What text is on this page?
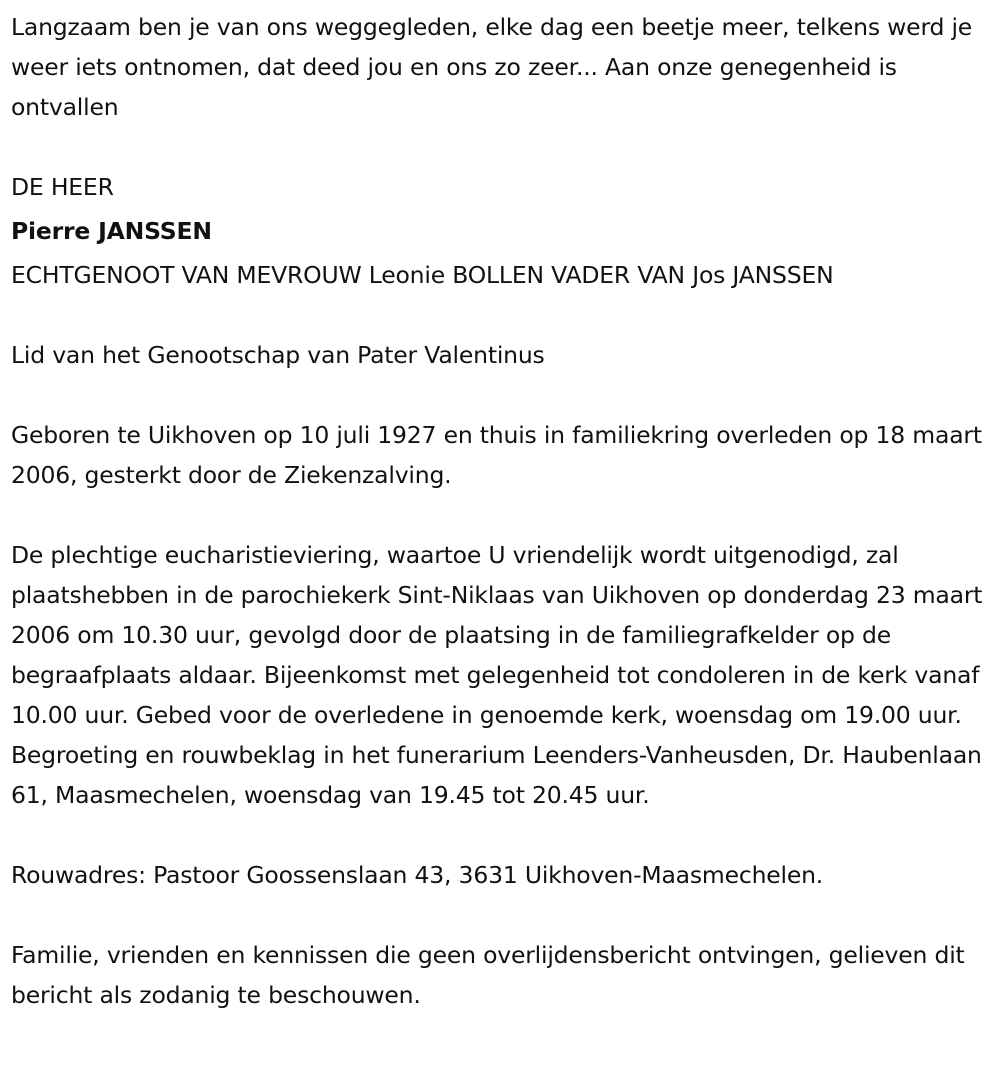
Langzaam ben je van ons weggegleden, elke dag een beetje meer, telkens werd je weer iets ontnomen, dat deed jou en ons zo zeer... Aan onze genegenheid is ontvallen

DE HEER

Pierre JANSSEN

ECHTGENOOT VAN MEVROUW Leonie BOLLEN VADER VAN Jos JANSSEN

Lid van het Genootschap van Pater Valentinus

Geboren te Uikhoven op 10 juli 1927 en thuis in familiekring overleden op 18 maart 2006, gesterkt door de Ziekenzalving.

De plechtige eucharistieviering, waartoe U vriendelijk wordt uitgenodigd, zal plaatshebben in de parochiekerk Sint-Niklaas van Uikhoven op donderdag 23 maart 2006 om 10.30 uur, gevolgd door de plaatsing in de familiegrafkelder op de begraafplaats aldaar. Bijeenkomst met gelegenheid tot condoleren in de kerk vanaf 10.00 uur. Gebed voor de overledene in genoemde kerk, woensdag om 19.00 uur. Begroeting en rouwbeklag in het funerarium Leenders-Vanheusden, Dr. Haubenlaan 61, Maasmechelen, woensdag van 19.45 tot 20.45 uur.

Rouwadres: Pastoor Goossenslaan 43, 3631 Uikhoven-Maasmechelen.

Familie, vrienden en kennissen die geen overlijdensbericht ontvingen, gelieven dit bericht als zodanig te beschouwen.
